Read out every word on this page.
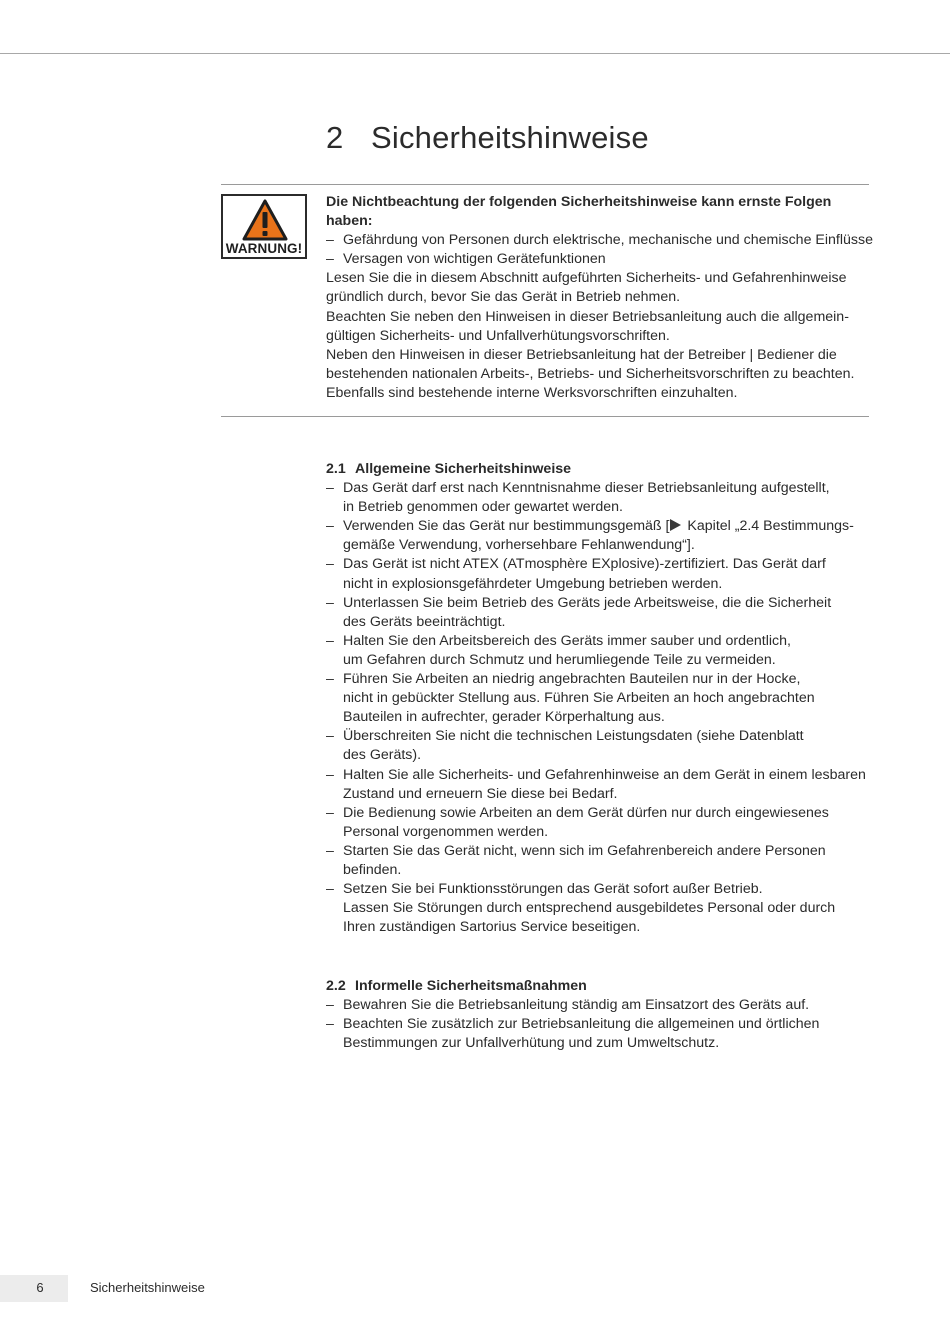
2 Sicherheitshinweise
WARNUNG!

Die Nichtbeachtung der folgenden Sicherheitshinweise kann ernste Folgen

haben:

– Gefährdung von Personen durch elektrische, mechanische und chemische Einflüsse
– Versagen von wichtigen Gerätefunktionen

Lesen Sie die in diesem Abschnitt aufgeführten Sicherheits- und Gefahrenhinweise

gründlich durch, bevor Sie das Gerät in Betrieb nehmen.

Beachten Sie neben den Hinweisen in dieser Betriebsanleitung auch die allgemein-

gültigen Sicherheits- und Unfallverhütungsvorschriften.

Neben den Hinweisen in dieser Betriebsanleitung hat der Betreiber | Bediener die

bestehenden nationalen Arbeits-, Betriebs- und Sicherheitsvorschriften zu beachten.

Ebenfalls sind bestehende interne Werksvorschriften einzuhalten.

2.1 Allgemeine Sicherheitshinweise
– Das Gerät darf erst nach Kenntnisnahme dieser Betriebsanleitung aufgestellt,
in Betrieb genommen oder gewartet werden.
– Verwenden Sie das Gerät nur bestimmungsgemäß [ Kapitel „2.4 Bestimmungs-
gemäße Verwendung, vorhersehbare Fehlanwendung“].
– Das Gerät ist nicht ATEX (ATmosphère EXplosive)-zertifiziert. Das Gerät darf
nicht in explosionsgefährdeter Umgebung betrieben werden.
– Unterlassen Sie beim Betrieb des Geräts jede Arbeitsweise, die die Sicherheit
des Geräts beeinträchtigt.
– Halten Sie den Arbeitsbereich des Geräts immer sauber und ordentlich,
um Gefahren durch Schmutz und herumliegende Teile zu vermeiden.
– Führen Sie Arbeiten an niedrig angebrachten Bauteilen nur in der Hocke,
nicht in gebückter Stellung aus. Führen Sie Arbeiten an hoch angebrachten
Bauteilen in aufrechter, gerader Körperhaltung aus.
– Überschreiten Sie nicht die technischen Leistungsdaten (siehe Datenblatt
des Geräts).
– Halten Sie alle Sicherheits- und Gefahrenhinweise an dem Gerät in einem lesbaren
Zustand und erneuern Sie diese bei Bedarf.
– Die Bedienung sowie Arbeiten an dem Gerät dürfen nur durch eingewiesenes
Personal vorgenommen werden.
– Starten Sie das Gerät nicht, wenn sich im Gefahrenbereich andere Personen
befinden.
– Setzen Sie bei Funktionsstörungen das Gerät sofort außer Betrieb.
Lassen Sie Störungen durch entsprechend ausgebildetes Personal oder durch
Ihren zuständigen Sartorius Service beseitigen.
2.2 Informelle Sicherheitsmaßnahmen
– Bewahren Sie die Betriebsanleitung ständig am Einsatzort des Geräts auf.
– Beachten Sie zusätzlich zur Betriebsanleitung die allgemeinen und örtlichen
Bestimmungen zur Unfallverhütung und zum Umweltschutz.
6	Sicherheitshinweise
